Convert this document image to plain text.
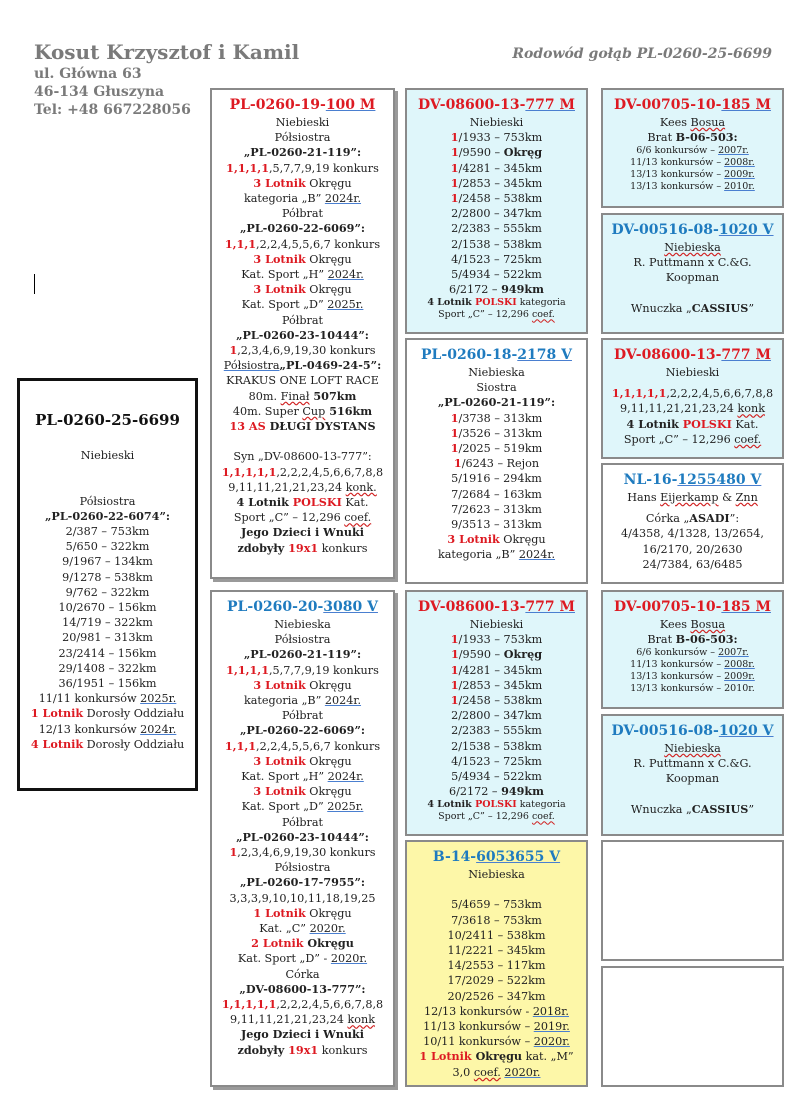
Kosut Krzysztof i Kamil
ul. Główna 63
46-134 Głuszyna
Tel: +48 667228056
Rodowód gołąb PL-0260-25-6699
PL-0260-25-6699
Niebieski

Półsiostra
„PL-0260-22-6074”:
2/387 – 753km
5/650 – 322km
9/1967 – 134km
9/1278 – 538km
9/762 – 322km
10/2670 – 156km
14/719 – 322km
20/981 – 313km
23/2414 – 156km
29/1408 – 322km
36/1951 – 156km
11/11 konkursów 2025r.
1 Lotnik Dorosły Oddziału
12/13 konkursów 2024r.
4 Lotnik Dorosły Oddziału
PL-0260-19-100 M
Niebieski
Półsiostra
„PL-0260-21-119”:
1,1,1,1,5,7,7,9,19 konkurs
3 Lotnik Okręgu
kategoria „B” 2024r.
Półbrat
„PL-0260-22-6069”:
1,1,1,2,2,4,5,5,6,7 konkurs
3 Lotnik Okręgu
Kat. Sport „H” 2024r.
3 Lotnik Okręgu
Kat. Sport „D” 2025r.
Półbrat
„PL-0260-23-10444”:
1,2,3,4,6,9,19,30 konkurs
Półsiostra„PL-0469-24-5”:
KRAKUS ONE LOFT RACE
80m. Finał 507km
40m. Super Cup 516km
13 AS DŁUGI DYSTANS

Syn „DV-08600-13-777”:
1,1,1,1,1,2,2,2,4,5,6,6,7,8,8
9,11,11,21,21,23,24 konk.
4 Lotnik POLSKI Kat.
Sport „C” – 12,296 coef.
Jego Dzieci i Wnuki
zdobyły 19x1 konkurs
PL-0260-20-3080 V
Niebieska
Półsiostra
„PL-0260-21-119”:
1,1,1,1,5,7,7,9,19 konkurs
3 Lotnik Okręgu
kategoria „B” 2024r.
Półbrat
„PL-0260-22-6069”:
1,1,1,2,2,4,5,5,6,7 konkurs
3 Lotnik Okręgu
Kat. Sport „H” 2024r.
3 Lotnik Okręgu
Kat. Sport „D” 2025r.
Półbrat
„PL-0260-23-10444”:
1,2,3,4,6,9,19,30 konkurs
Półsiostra
„PL-0260-17-7955”:
3,3,3,9,10,10,11,18,19,25
1 Lotnik Okręgu
Kat. „C” 2020r.
2 Lotnik Okręgu
Kat. Sport „D” - 2020r.
Córka
„DV-08600-13-777”:
1,1,1,1,1,2,2,2,4,5,6,6,7,8,8
9,11,11,21,21,23,24 konk
Jego Dzieci i Wnuki
zdobyły 19x1 konkurs
DV-08600-13-777 M
Niebieski
1/1933 – 753km
1/9590 – Okręg
1/4281 – 345km
1/2853 – 345km
1/2458 – 538km
2/2800 – 347km
2/2383 – 555km
2/1538 – 538km
4/1523 – 725km
5/4934 – 522km
6/2172 – 949km
4 Lotnik POLSKI kategoria
Sport „C” – 12,296 coef.
PL-0260-18-2178 V
Niebieska
Siostra
„PL-0260-21-119”:
1/3738 – 313km
1/3526 – 313km
1/2025 – 519km
1/6243 – Rejon
5/1916 – 294km
7/2684 – 163km
7/2623 – 313km
9/3513 – 313km
3 Lotnik Okręgu
kategoria „B” 2024r.
DV-08600-13-777 M
Niebieski
1/1933 – 753km
1/9590 – Okręg
1/4281 – 345km
1/2853 – 345km
1/2458 – 538km
2/2800 – 347km
2/2383 – 555km
2/1538 – 538km
4/1523 – 725km
5/4934 – 522km
6/2172 – 949km
4 Lotnik POLSKI kategoria
Sport „C” – 12,296 coef.
B-14-6053655 V
Niebieska

5/4659 – 753km
7/3618 – 753km
10/2411 – 538km
11/2221 – 345km
14/2553 – 117km
17/2029 – 522km
20/2526 – 347km
12/13 konkursów - 2018r.
11/13 konkursów – 2019r.
10/11 konkursów – 2020r.
1 Lotnik Okręgu kat. „M”
3,0 coef. 2020r.
DV-00705-10-185 M
Kees Bosua
Brat B-06-503:
6/6 konkursów – 2007r.
11/13 konkursów – 2008r.
13/13 konkursów – 2009r.
13/13 konkursów – 2010r.
DV-00516-08-1020 V
Niebieska
R. Puttmann x C.&G.
Koopman

Wnuczka „CASSIUS”
DV-08600-13-777 M
Niebieski
1,1,1,1,1,2,2,2,4,5,6,6,7,8,8
9,11,11,21,21,23,24 konk
4 Lotnik POLSKI Kat.
Sport „C” – 12,296 coef.
NL-16-1255480 V
Hans Eijerkamp & Znn
Córka „ASADI”:
4/4358, 4/1328, 13/2654,
16/2170, 20/2630
24/7384, 63/6485
DV-00705-10-185 M
Kees Bosua
Brat B-06-503:
6/6 konkursów – 2007r.
11/13 konkursów – 2008r.
13/13 konkursów – 2009r.
13/13 konkursów – 2010r.
DV-00516-08-1020 V
Niebieska
R. Puttmann x C.&G.
Koopman

Wnuczka „CASSIUS”
